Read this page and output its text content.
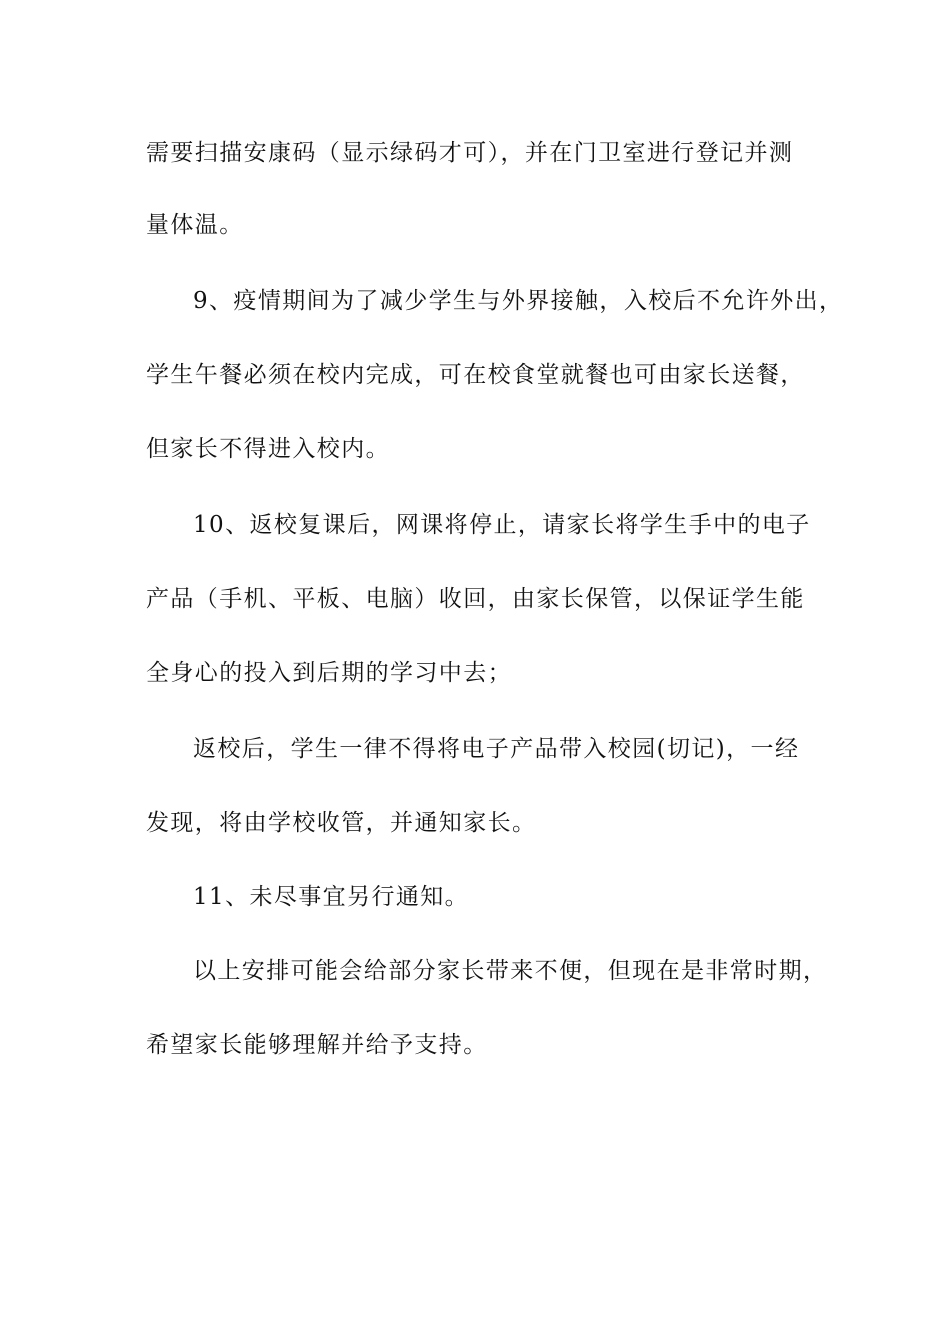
需要扫描安康码（显示绿码才可），并在门卫室进行登记并测
量体温。
9、疫情期间为了减少学生与外界接触，入校后不允许外出，
学生午餐必须在校内完成，可在校食堂就餐也可由家长送餐，
但家长不得进入校内。
10、返校复课后，网课将停止，请家长将学生手中的电子
产品（手机、平板、电脑）收回，由家长保管，以保证学生能
全身心的投入到后期的学习中去；
返校后，学生一律不得将电子产品带入校园(切记)，一经
发现，将由学校收管，并通知家长。
11、未尽事宜另行通知。
以上安排可能会给部分家长带来不便，但现在是非常时期，
希望家长能够理解并给予支持。
